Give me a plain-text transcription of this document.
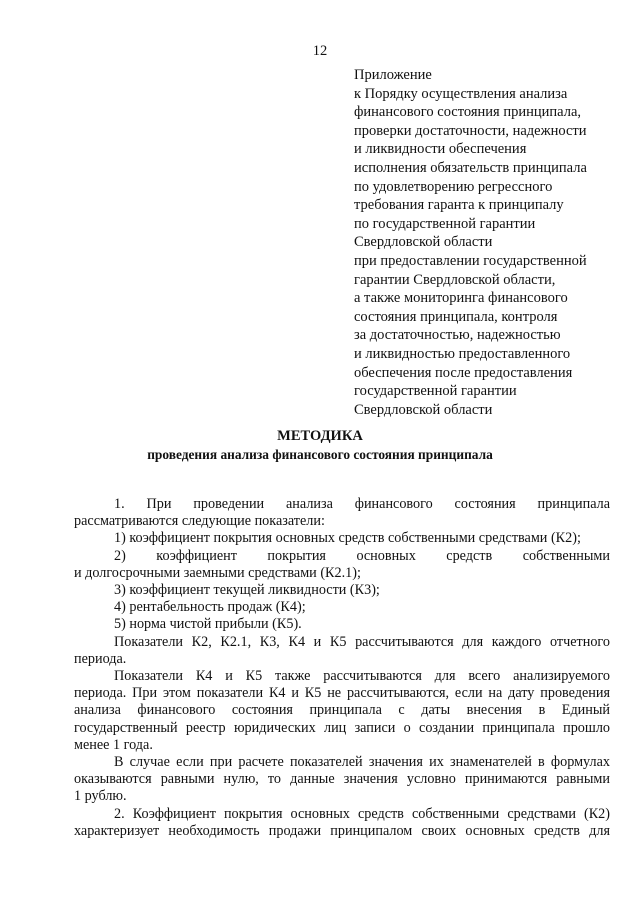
12
Приложение
к Порядку осуществления анализа
финансового состояния принципала,
проверки достаточности, надежности
и ликвидности обеспечения
исполнения обязательств принципала
по удовлетворению регрессного
требования гаранта к принципалу
по государственной гарантии
Свердловской области
при предоставлении государственной
гарантии Свердловской области,
а также мониторинга финансового
состояния принципала, контроля
за достаточностью, надежностью
и ликвидностью предоставленного
обеспечения после предоставления
государственной гарантии
Свердловской области
МЕТОДИКА
проведения анализа финансового состояния принципала
1. При проведении анализа финансового состояния принципала
рассматриваются следующие показатели:
1) коэффициент покрытия основных средств собственными средствами (К2);
2) коэффициент покрытия основных средств собственными
и долгосрочными заемными средствами (К2.1);
3) коэффициент текущей ликвидности (К3);
4) рентабельность продаж (К4);
5) норма чистой прибыли (К5).
Показатели К2, К2.1, К3, К4 и К5 рассчитываются для каждого отчетного
периода.
Показатели К4 и К5 также рассчитываются для всего анализируемого
периода. При этом показатели К4 и К5 не рассчитываются, если на дату проведения
анализа финансового состояния принципала с даты внесения в Единый
государственный реестр юридических лиц записи о создании принципала прошло
менее 1 года.
В случае если при расчете показателей значения их знаменателей в формулах
оказываются равными нулю, то данные значения условно принимаются равными
1 рублю.
2. Коэффициент покрытия основных средств собственными средствами (К2)
характеризует необходимость продажи принципалом своих основных средств для
